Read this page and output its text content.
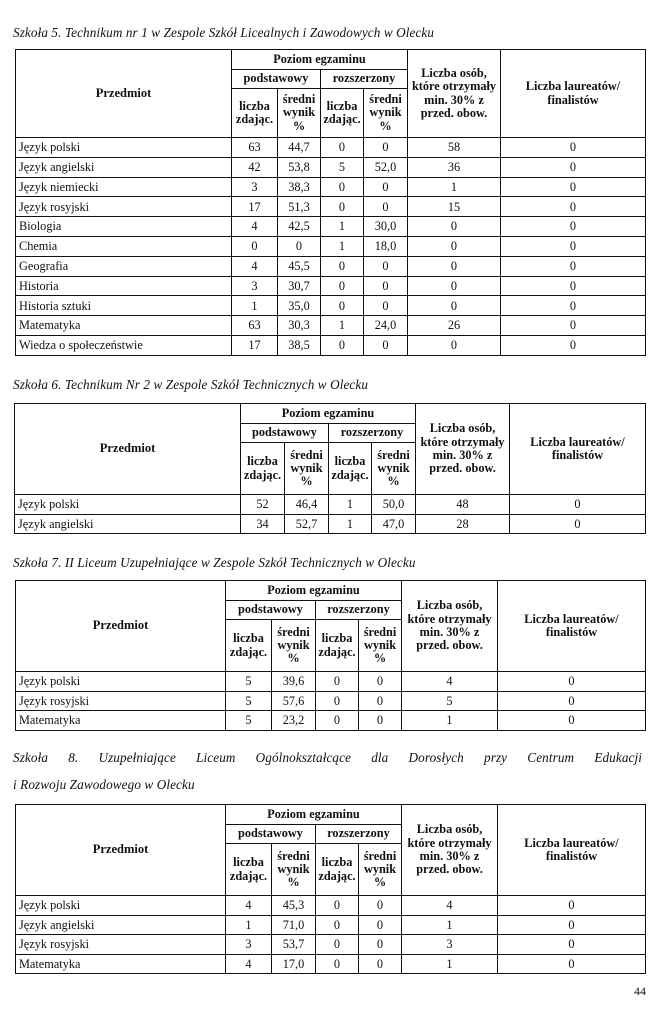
Szkoła 5. Technikum nr 1 w Zespole Szkół Licealnych i Zawodowych w Olecku
Przedmiot	Poziom egzaminu				Liczba osób, które otrzymały min. 30% z przed. obow.	Liczba laureatów/ finalistów
	podstawowy		rozszerzony			
	liczba zdając.	średni wynik %	liczba zdając.	średni wynik %		
Język polski	63	44,7	0	0	58	0
Język angielski	42	53,8	5	52,0	36	0
Język niemiecki	3	38,3	0	0	1	0
Język rosyjski	17	51,3	0	0	15	0
Biologia	4	42,5	1	30,0	0	0
Chemia	0	0	1	18,0	0	0
Geografia	4	45,5	0	0	0	0
Historia	3	30,7	0	0	0	0
Historia sztuki	1	35,0	0	0	0	0
Matematyka	63	30,3	1	24,0	26	0
Wiedza o społeczeństwie	17	38,5	0	0	0	0
Szkoła 6. Technikum Nr 2 w Zespole Szkół Technicznych w Olecku
Przedmiot	Poziom egzaminu				Liczba osób, które otrzymały min. 30% z przed. obow.	Liczba laureatów/ finalistów
	podstawowy		rozszerzony			
	liczba zdając.	średni wynik %	liczba zdając.	średni wynik %		
Język polski	52	46,4	1	50,0	48	0
Język angielski	34	52,7	1	47,0	28	0
Szkoła 7. II Liceum Uzupełniające w Zespole Szkół Technicznych w Olecku
Przedmiot	Poziom egzaminu				Liczba osób, które otrzymały min. 30% z przed. obow.	Liczba laureatów/ finalistów
	podstawowy		rozszerzony			
	liczba zdając.	średni wynik %	liczba zdając.	średni wynik %		
Język polski	5	39,6	0	0	4	0
Język rosyjski	5	57,6	0	0	5	0
Matematyka	5	23,2	0	0	1	0
Szkoła 8. Uzupełniające Liceum Ogólnokształcące dla Dorosłych przy Centrum Edukacji
i Rozwoju Zawodowego w Olecku
Przedmiot	Poziom egzaminu				Liczba osób, które otrzymały min. 30% z przed. obow.	Liczba laureatów/ finalistów
	podstawowy		rozszerzony			
	liczba zdając.	średni wynik %	liczba zdając.	średni wynik %		
Język polski	4	45,3	0	0	4	0
Język angielski	1	71,0	0	0	1	0
Język rosyjski	3	53,7	0	0	3	0
Matematyka	4	17,0	0	0	1	0
44
